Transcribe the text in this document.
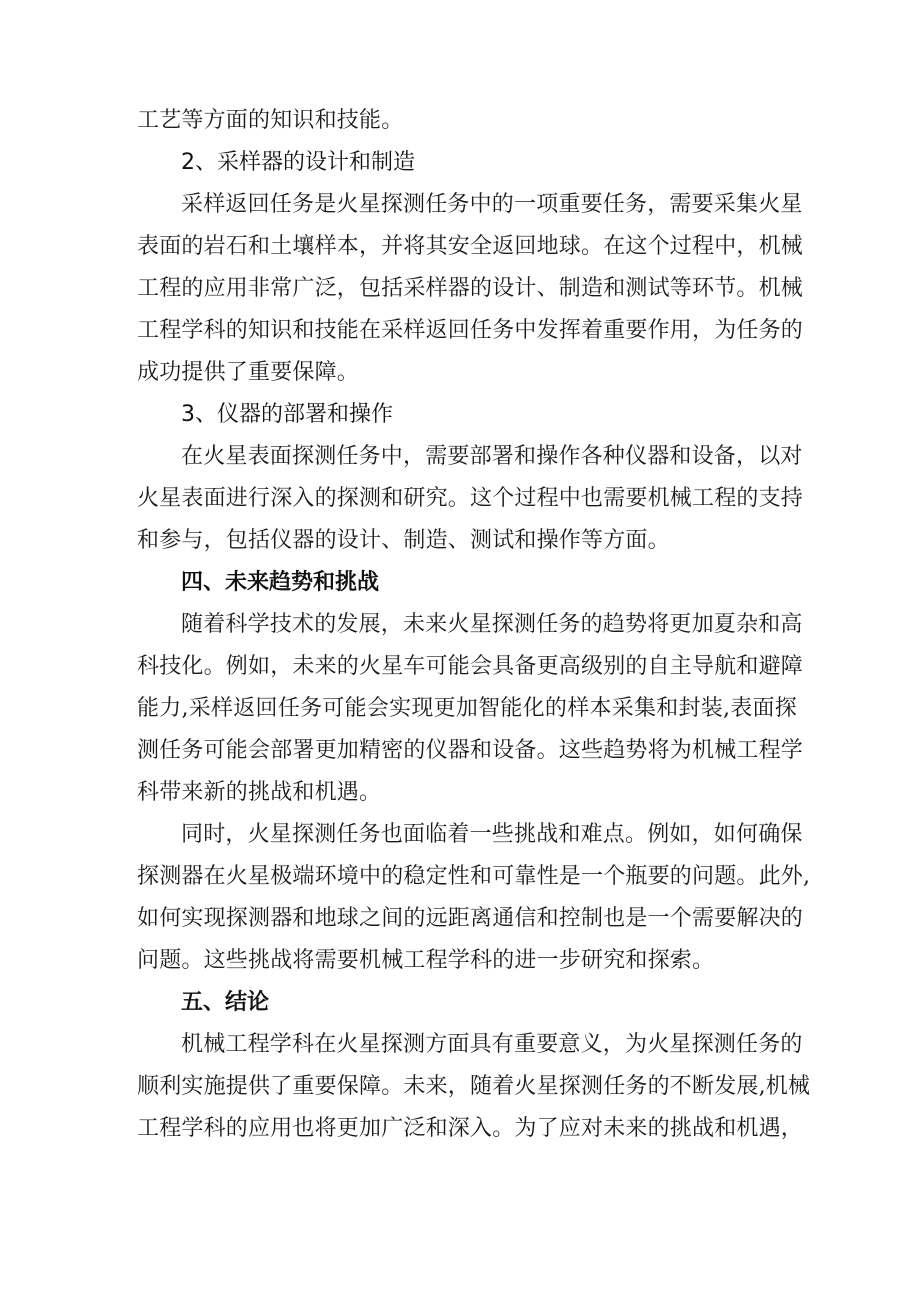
工艺等方面的知识和技能。
2、采样器的设计和制造
采样返回任务是火星探测任务中的一项重要任务，需要采集火星
表面的岩石和土壤样本，并将其安全返回地球。在这个过程中，机械
工程的应用非常广泛，包括采样器的设计、制造和测试等环节。机械
工程学科的知识和技能在采样返回任务中发挥着重要作用，为任务的
成功提供了重要保障。
3、仪器的部署和操作
在火星表面探测任务中，需要部署和操作各种仪器和设备，以对
火星表面进行深入的探测和研究。这个过程中也需要机械工程的支持
和参与，包括仪器的设计、制造、测试和操作等方面。
四、未来趋势和挑战
随着科学技术的发展，未来火星探测任务的趋势将更加夏杂和高
科技化。例如，未来的火星车可能会具备更高级别的自主导航和避障
能力,采样返回任务可能会实现更加智能化的样本采集和封装,表面探
测任务可能会部署更加精密的仪器和设备。这些趋势将为机械工程学
科带来新的挑战和机遇。
同时，火星探测任务也面临着一些挑战和难点。例如，如何确保
探测器在火星极端环境中的稳定性和可靠性是一个瓶要的问题。此外,
如何实现探测器和地球之间的远距离通信和控制也是一个需要解决的
问题。这些挑战将需要机械工程学科的进一步研究和探索。
五、结论
机械工程学科在火星探测方面具有重要意义，为火星探测任务的
顺利实施提供了重要保障。未来，随着火星探测任务的不断发展,机械
工程学科的应用也将更加广泛和深入。为了应对未来的挑战和机遇，
